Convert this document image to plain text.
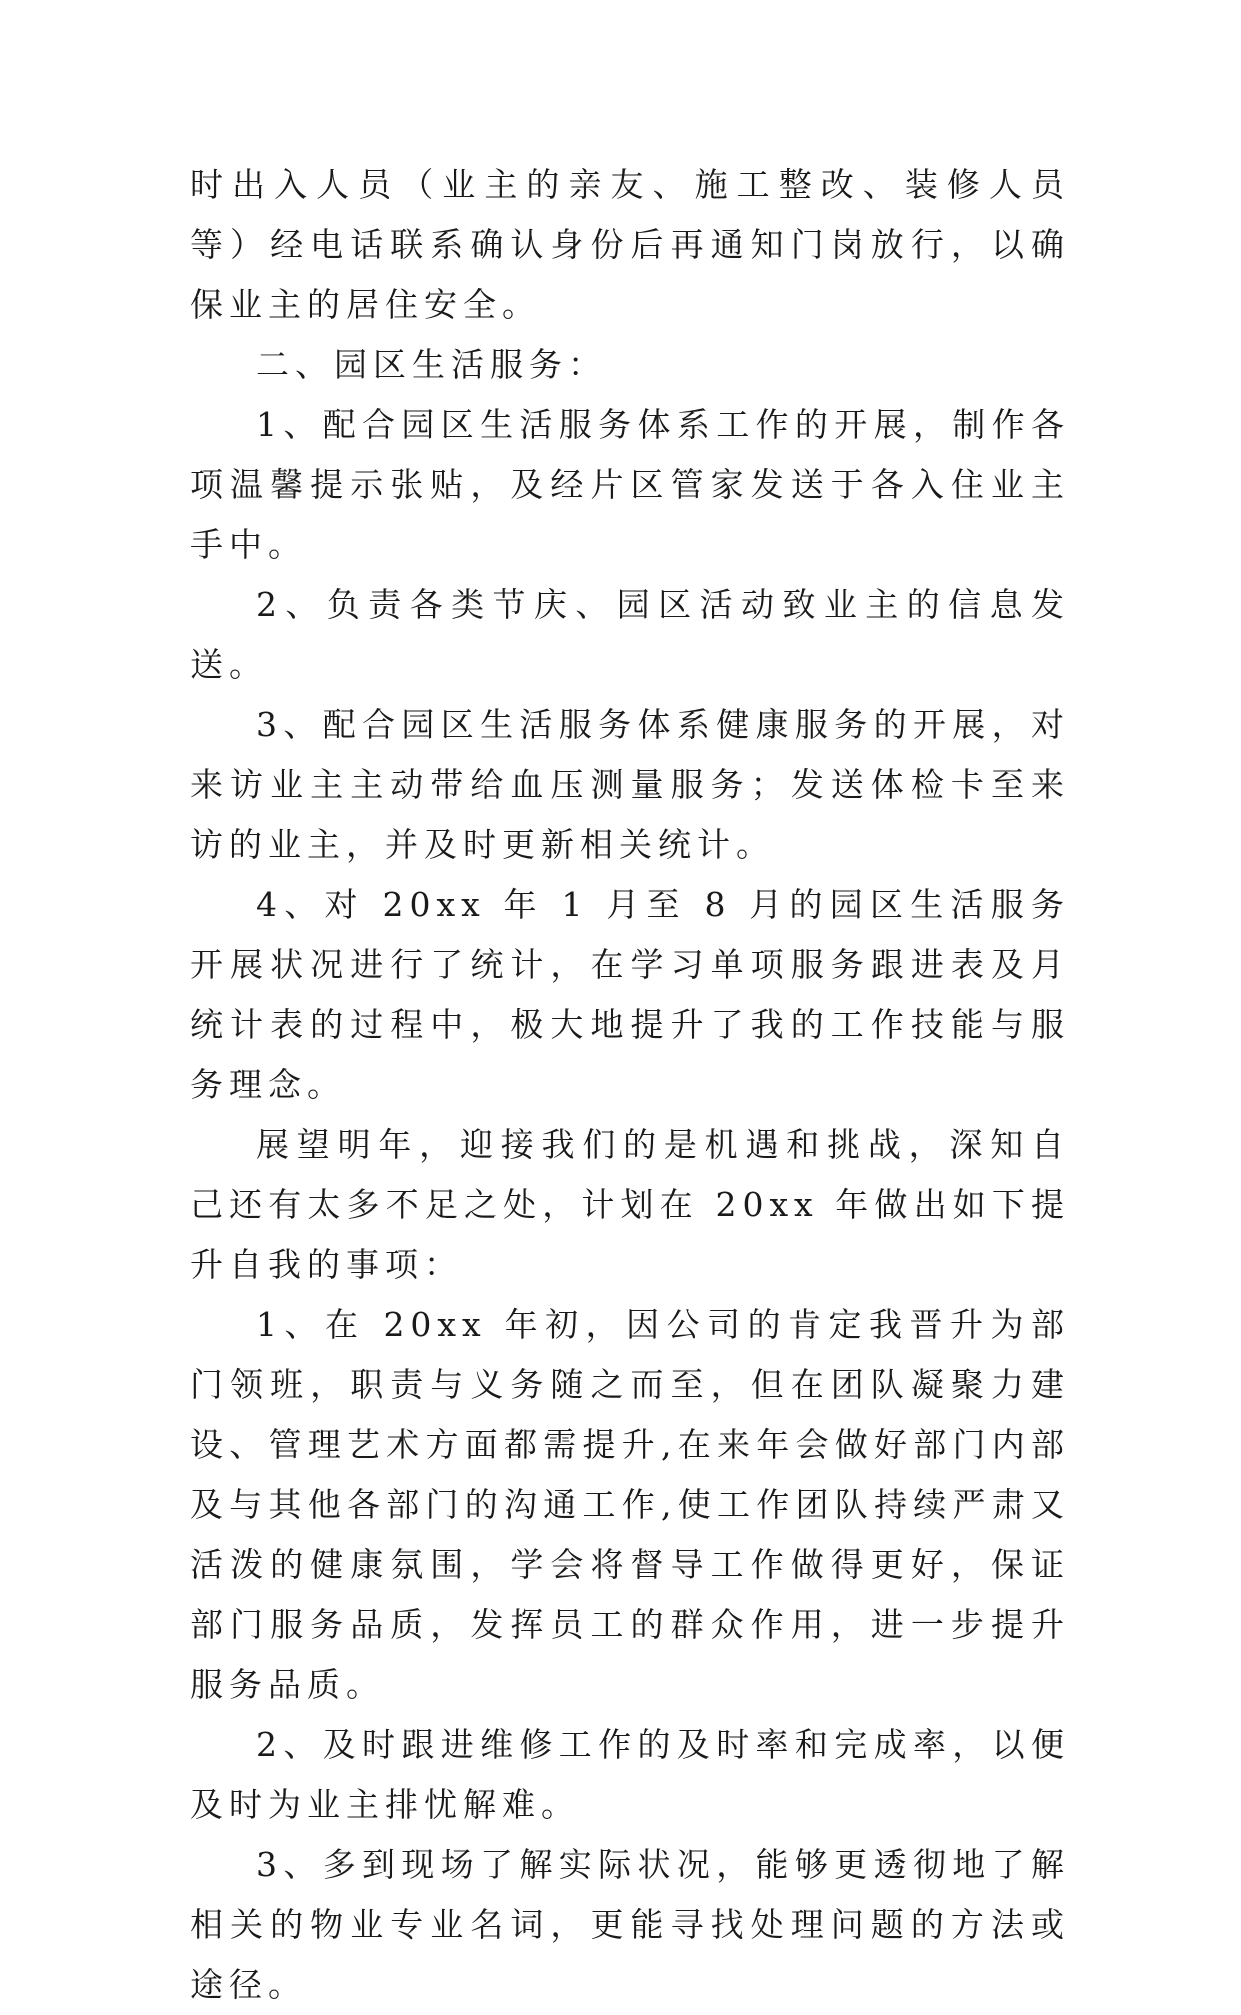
时出入人员（业主的亲友、施工整改、装修人员等）经电话联系确认身份后再通知门岗放行，以确保业主的居住安全。

二、园区生活服务：

1、配合园区生活服务体系工作的开展，制作各项温馨提示张贴，及经片区管家发送于各入住业主手中。

2、负责各类节庆、园区活动致业主的信息发送。

3、配合园区生活服务体系健康服务的开展，对来访业主主动带给血压测量服务；发送体检卡至来访的业主，并及时更新相关统计。

4、对 20xx 年 1 月至 8 月的园区生活服务开展状况进行了统计，在学习单项服务跟进表及月统计表的过程中，极大地提升了我的工作技能与服务理念。

展望明年，迎接我们的是机遇和挑战，深知自己还有太多不足之处，计划在 20xx 年做出如下提升自我的事项：

1、在 20xx 年初，因公司的肯定我晋升为部门领班，职责与义务随之而至，但在团队凝聚力建设、管理艺术方面都需提升,在来年会做好部门内部及与其他各部门的沟通工作,使工作团队持续严肃又活泼的健康氛围，学会将督导工作做得更好，保证部门服务品质，发挥员工的群众作用，进一步提升服务品质。

2、及时跟进维修工作的及时率和完成率，以便及时为业主排忧解难。

3、多到现场了解实际状况，能够更透彻地了解相关的物业专业名词，更能寻找处理问题的方法或途径。
